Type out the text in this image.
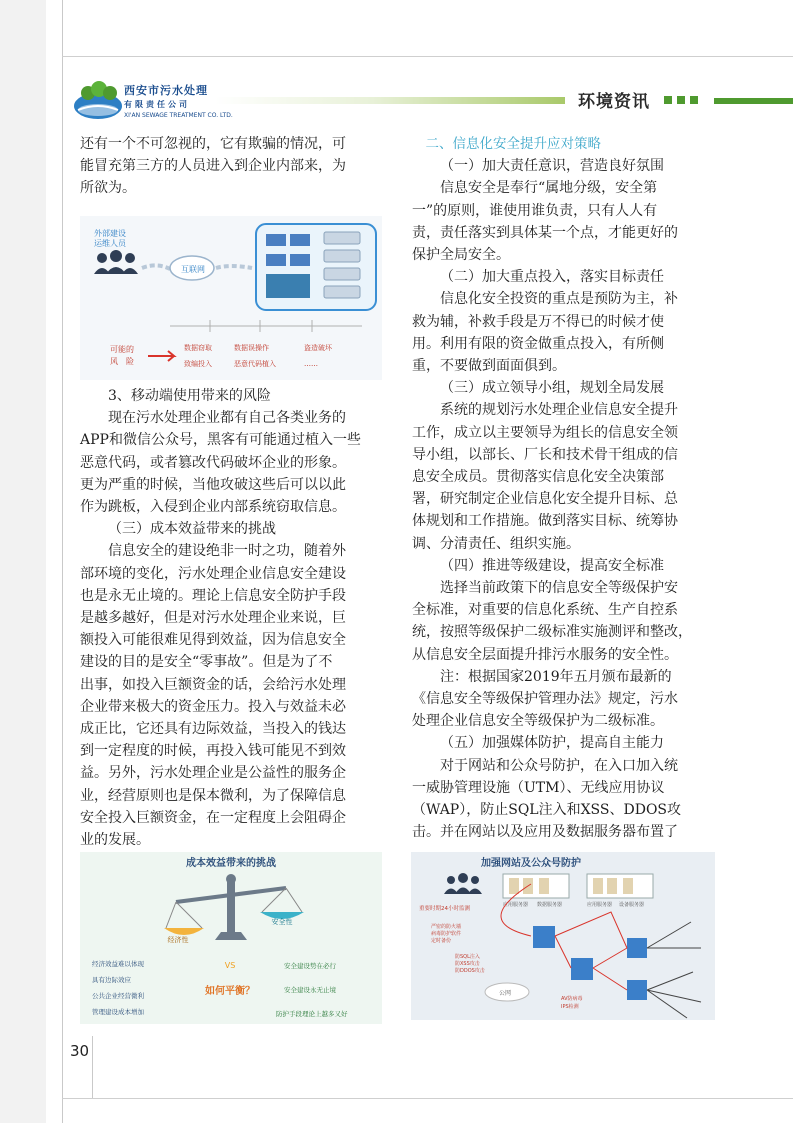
西安市污水处理
有限责任公司
XI'AN SEWAGE TREATMENT CO. LTD.
环境资讯

还有一个不可忽视的，它有欺骗的情况，可

能冒充第三方的人员进入到企业内部来，为

所欲为。

外部建设
运维人员
互联网
可能的
风　险
数据窃取	数据误操作	盗造破坏
致编投入	恶意代码植入	……

3、移动端使用带来的风险

现在污水处理企业都有自己各类业务的

APP和微信公众号，黑客有可能通过植入一些

恶意代码，或者篡改代码破坏企业的形象。

更为严重的时候，当他攻破这些后可以以此

作为跳板，入侵到企业内部系统窃取信息。

（三）成本效益带来的挑战

信息安全的建设绝非一时之功，随着外

部环境的变化，污水处理企业信息安全建设

也是永无止境的。理论上信息安全防护手段

是越多越好，但是对污水处理企业来说，巨

额投入可能很难见得到效益，因为信息安全

建设的目的是安全“零事故”。但是为了不

出事，如投入巨额资金的话，会给污水处理

企业带来极大的资金压力。投入与效益未必

成正比，它还具有边际效益，当投入的钱达

到一定程度的时候，再投入钱可能见不到效

益。另外，污水处理企业是公益性的服务企

业，经营原则也是保本微利，为了保障信息

安全投入巨额资金，在一定程度上会阻碍企

业的发展。

成本效益带来的挑战
经济性
安全性
VS
如何平衡？
经济效益难以体现
具有边际效应
公共企业经营微利
管理建设成本增加
安全建设势在必行
安全建设永无止境
防护手段理论上越多又好

二、信息化安全提升应对策略

（一）加大责任意识，营造良好氛围

信息安全是奉行“属地分级，安全第

一”的原则，谁使用谁负责，只有人人有

责，责任落实到具体某一个点，才能更好的

保护全局安全。

（二）加大重点投入，落实目标责任

信息化安全投资的重点是预防为主，补

救为辅，补救手段是万不得已的时候才使

用。利用有限的资金做重点投入，有所侧

重，不要做到面面俱到。

（三）成立领导小组，规划全局发展

系统的规划污水处理企业信息安全提升

工作，成立以主要领导为组长的信息安全领

导小组，以部长、厂长和技术骨干组成的信

息安全成员。贯彻落实信息化安全决策部

署，研究制定企业信息化安全提升目标、总

体规划和工作措施。做到落实目标、统筹协

调、分清责任、组织实施。

（四）推进等级建设，提高安全标准

选择当前政策下的信息安全等级保护安

全标准，对重要的信息化系统、生产自控系

统，按照等级保护二级标准实施测评和整改，

从信息安全层面提升排污水服务的安全性。

注：根据国家2019年五月颁布最新的

《信息安全等级保护管理办法》规定，污水

处理企业信息安全等级保护为二级标准。

（五）加强媒体防护，提高自主能力

对于网站和公众号防护，在入口加入统

一威胁管理设施（UTM）、无线应用协议

（WAP），防止SQL注入和XSS、DDOS攻

击。并在网站以及应用及数据服务器布置了

加强网站及公众号防护
应用服务器 数据服务器	应用服务器 设备服务器
重要时期24小时监测
严密的防火墙
病毒防护软件
定时备份
防SQL注入
防XSS攻击
防DDOS攻击
公网
AV防病毒
IPS检测
30
